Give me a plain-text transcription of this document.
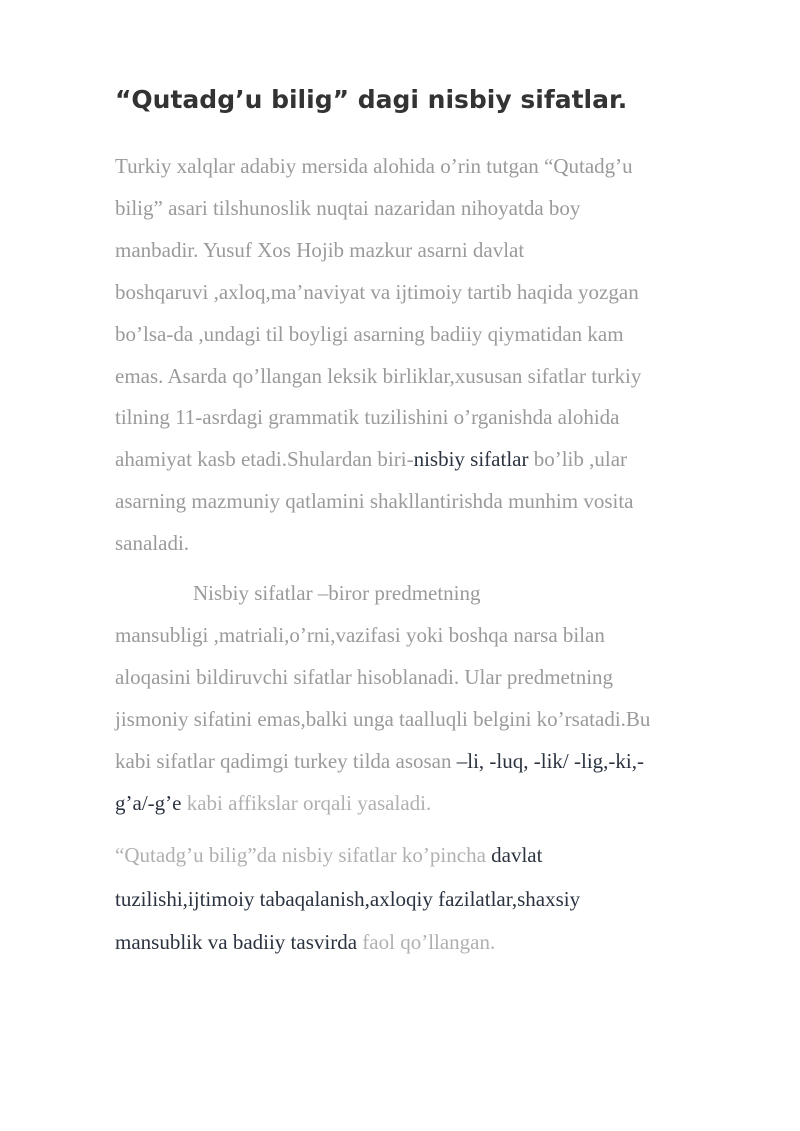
“Qutadg’u bilig” dagi nisbiy sifatlar.

Turkiy xalqlar adabiy mersida alohida o’rin tutgan “Qutadg’u
bilig” asari tilshunoslik nuqtai nazaridan nihoyatda boy
manbadir. Yusuf Xos Hojib mazkur asarni davlat
boshqaruvi ,axloq,ma’naviyat va ijtimoiy tartib haqida yozgan
bo’lsa-da ,undagi til boyligi asarning badiiy qiymatidan kam
emas. Asarda qo’llangan leksik birliklar,xususan sifatlar turkiy
tilning 11-asrdagi grammatik tuzilishini o’rganishda alohida
ahamiyat kasb etadi.Shulardan biri-nisbiy sifatlar bo’lib ,ular
asarning mazmuniy qatlamini shakllantirishda munhim vosita
sanaladi.

Nisbiy sifatlar –biror predmetning
mansubligi ,matriali,o’rni,vazifasi yoki boshqa narsa bilan
aloqasini bildiruvchi sifatlar hisoblanadi. Ular predmetning
jismoniy sifatini emas,balki unga taalluqli belgini ko’rsatadi.Bu
kabi sifatlar qadimgi turkey tilda asosan –li, -luq, -lik/ -lig,-ki,-
g’a/-g’e kabi affikslar orqali yasaladi.

“Qutadg’u bilig”da nisbiy sifatlar ko’pincha davlat
tuzilishi,ijtimoiy tabaqalanish,axloqiy fazilatlar,shaxsiy
mansublik va badiiy tasvirda faol qo’llangan.
